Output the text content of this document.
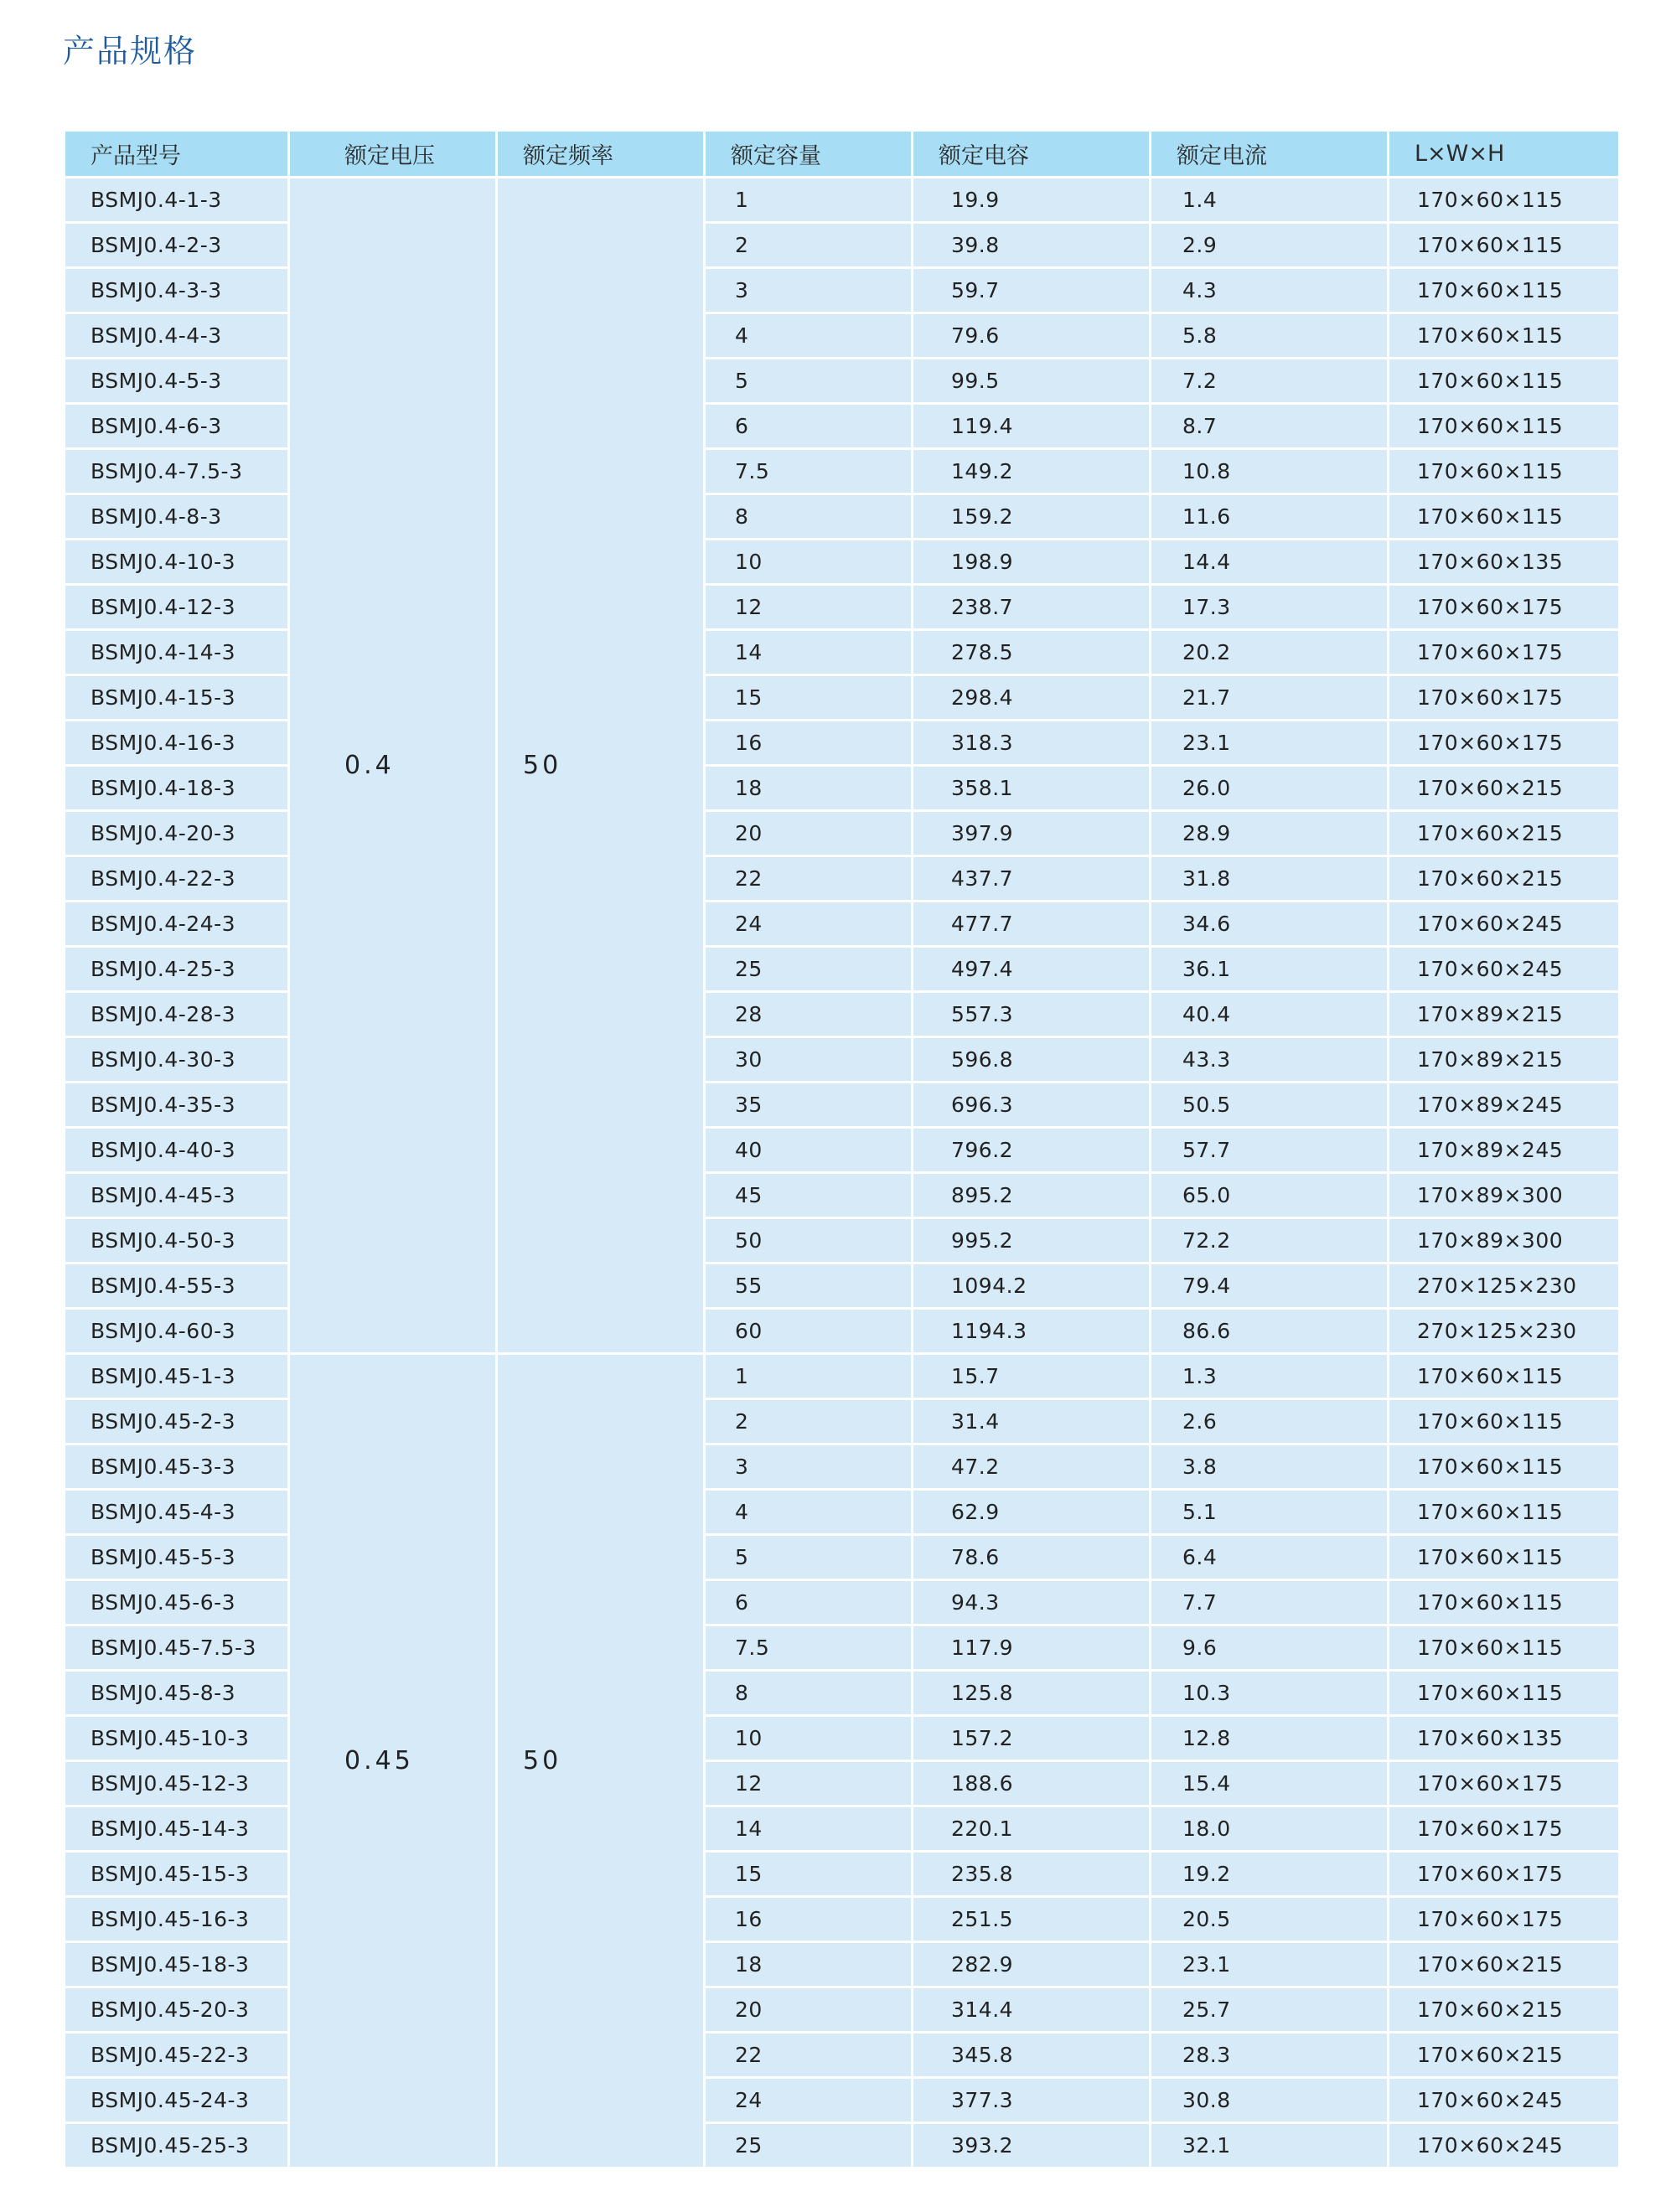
产品规格
产品型号	额定电压	额定频率	额定容量	额定电容	额定电流	L×W×H
BSMJ0.4-1-3	0.4	50	1	19.9	1.4	170×60×115
BSMJ0.4-2-3			2	39.8	2.9	170×60×115
BSMJ0.4-3-3			3	59.7	4.3	170×60×115
BSMJ0.4-4-3			4	79.6	5.8	170×60×115
BSMJ0.4-5-3			5	99.5	7.2	170×60×115
BSMJ0.4-6-3			6	119.4	8.7	170×60×115
BSMJ0.4-7.5-3			7.5	149.2	10.8	170×60×115
BSMJ0.4-8-3			8	159.2	11.6	170×60×115
BSMJ0.4-10-3			10	198.9	14.4	170×60×135
BSMJ0.4-12-3			12	238.7	17.3	170×60×175
BSMJ0.4-14-3			14	278.5	20.2	170×60×175
BSMJ0.4-15-3			15	298.4	21.7	170×60×175
BSMJ0.4-16-3			16	318.3	23.1	170×60×175
BSMJ0.4-18-3			18	358.1	26.0	170×60×215
BSMJ0.4-20-3			20	397.9	28.9	170×60×215
BSMJ0.4-22-3			22	437.7	31.8	170×60×215
BSMJ0.4-24-3			24	477.7	34.6	170×60×245
BSMJ0.4-25-3			25	497.4	36.1	170×60×245
BSMJ0.4-28-3			28	557.3	40.4	170×89×215
BSMJ0.4-30-3			30	596.8	43.3	170×89×215
BSMJ0.4-35-3			35	696.3	50.5	170×89×245
BSMJ0.4-40-3			40	796.2	57.7	170×89×245
BSMJ0.4-45-3			45	895.2	65.0	170×89×300
BSMJ0.4-50-3			50	995.2	72.2	170×89×300
BSMJ0.4-55-3			55	1094.2	79.4	270×125×230
BSMJ0.4-60-3			60	1194.3	86.6	270×125×230
BSMJ0.45-1-3	0.45	50	1	15.7	1.3	170×60×115
BSMJ0.45-2-3			2	31.4	2.6	170×60×115
BSMJ0.45-3-3			3	47.2	3.8	170×60×115
BSMJ0.45-4-3			4	62.9	5.1	170×60×115
BSMJ0.45-5-3			5	78.6	6.4	170×60×115
BSMJ0.45-6-3			6	94.3	7.7	170×60×115
BSMJ0.45-7.5-3			7.5	117.9	9.6	170×60×115
BSMJ0.45-8-3			8	125.8	10.3	170×60×115
BSMJ0.45-10-3			10	157.2	12.8	170×60×135
BSMJ0.45-12-3			12	188.6	15.4	170×60×175
BSMJ0.45-14-3			14	220.1	18.0	170×60×175
BSMJ0.45-15-3			15	235.8	19.2	170×60×175
BSMJ0.45-16-3			16	251.5	20.5	170×60×175
BSMJ0.45-18-3			18	282.9	23.1	170×60×215
BSMJ0.45-20-3			20	314.4	25.7	170×60×215
BSMJ0.45-22-3			22	345.8	28.3	170×60×215
BSMJ0.45-24-3			24	377.3	30.8	170×60×245
BSMJ0.45-25-3			25	393.2	32.1	170×60×245
